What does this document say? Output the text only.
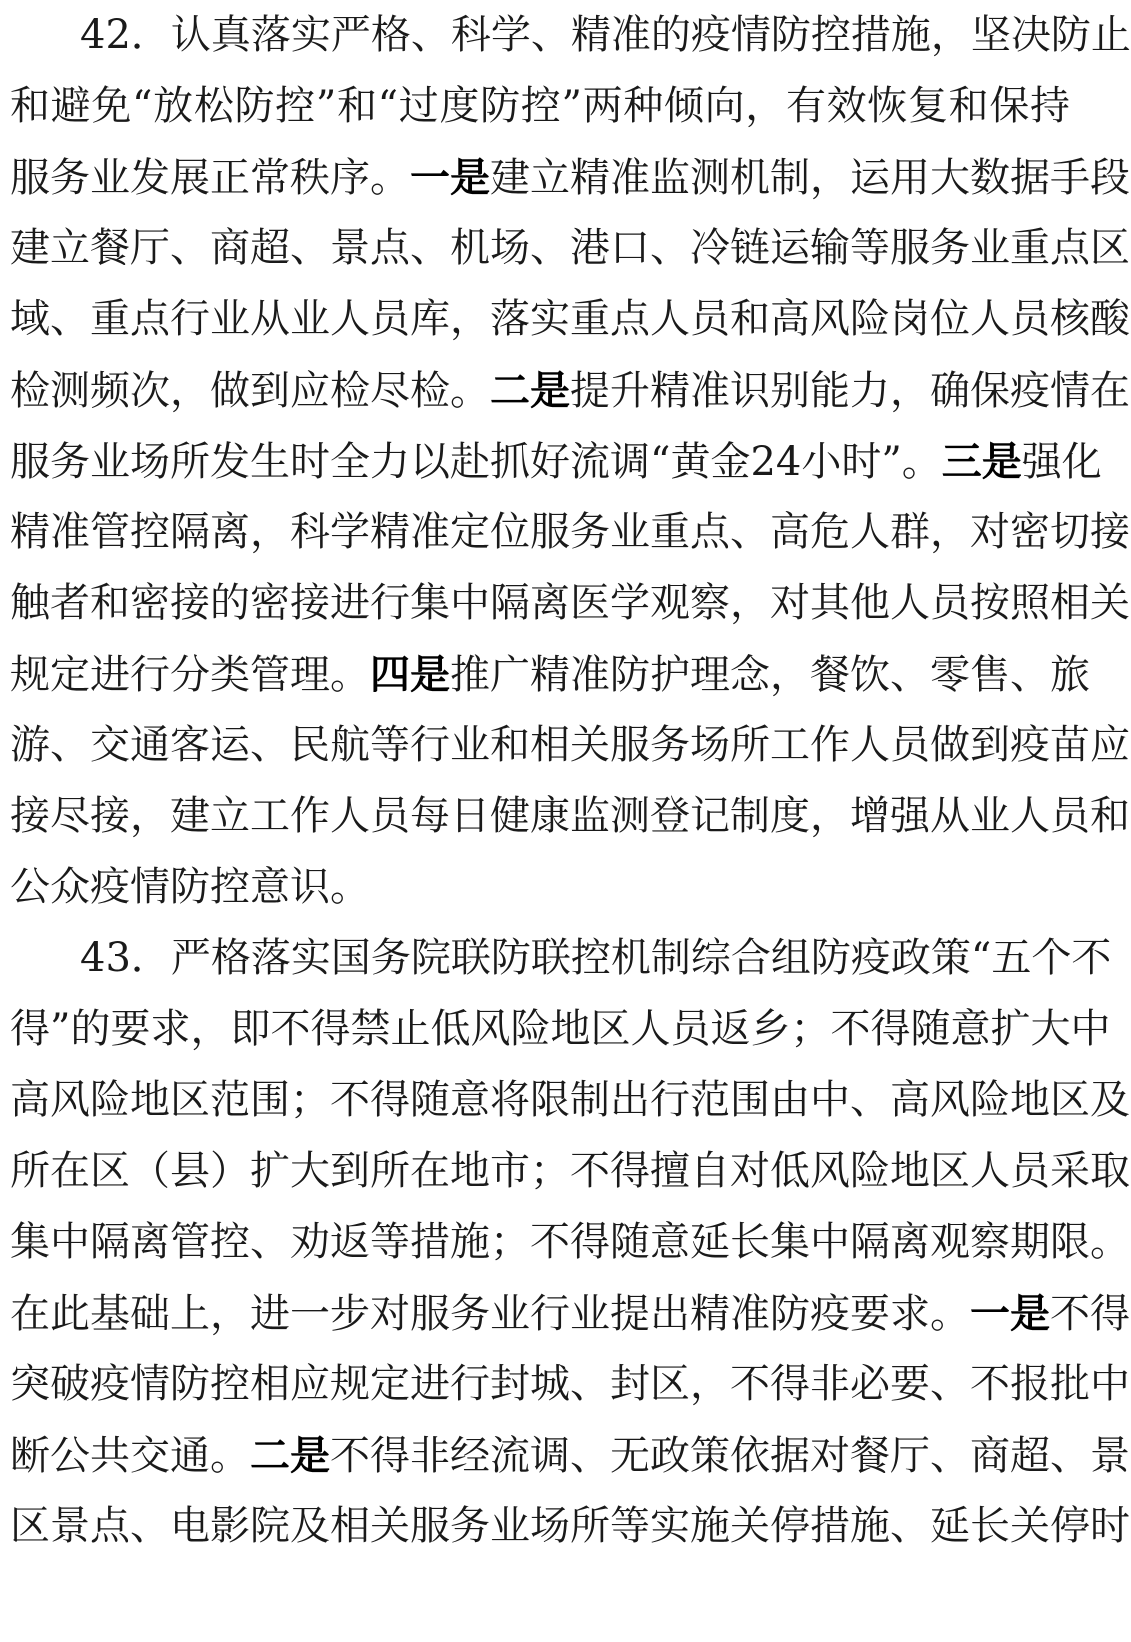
42．认真落实严格、科学、精准的疫情防控措施，坚决防止
和避免“放松防控”和“过度防控”两种倾向，有效恢复和保持
服务业发展正常秩序。一是建立精准监测机制，运用大数据手段
建立餐厅、商超、景点、机场、港口、冷链运输等服务业重点区
域、重点行业从业人员库，落实重点人员和高风险岗位人员核酸
检测频次，做到应检尽检。二是提升精准识别能力，确保疫情在
服务业场所发生时全力以赴抓好流调“黄金24小时”。三是强化
精准管控隔离，科学精准定位服务业重点、高危人群，对密切接
触者和密接的密接进行集中隔离医学观察，对其他人员按照相关
规定进行分类管理。四是推广精准防护理念，餐饮、零售、旅
游、交通客运、民航等行业和相关服务场所工作人员做到疫苗应
接尽接，建立工作人员每日健康监测登记制度，增强从业人员和
公众疫情防控意识。
43．严格落实国务院联防联控机制综合组防疫政策“五个不
得”的要求，即不得禁止低风险地区人员返乡；不得随意扩大中
高风险地区范围；不得随意将限制出行范围由中、高风险地区及
所在区（县）扩大到所在地市；不得擅自对低风险地区人员采取
集中隔离管控、劝返等措施；不得随意延长集中隔离观察期限。
在此基础上，进一步对服务业行业提出精准防疫要求。一是不得
突破疫情防控相应规定进行封城、封区，不得非必要、不报批中
断公共交通。二是不得非经流调、无政策依据对餐厅、商超、景
区景点、电影院及相关服务业场所等实施关停措施、延长关停时
